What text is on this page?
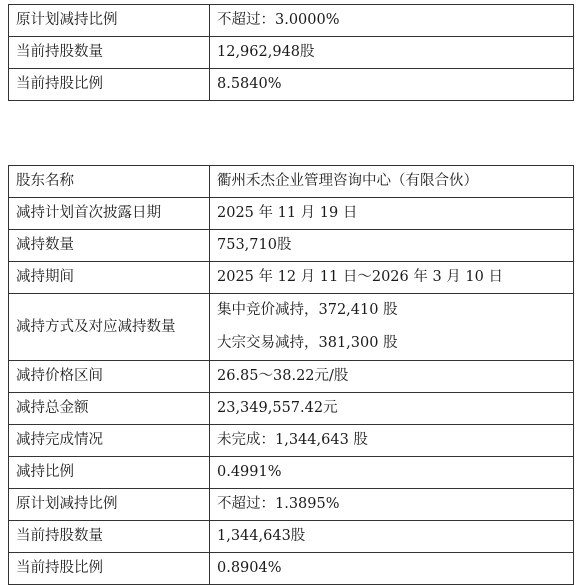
原计划减持比例	不超过：3.0000%
当前持股数量	12,962,948股
当前持股比例	8.5840%
股东名称	衢州禾杰企业管理咨询中心（有限合伙）
减持计划首次披露日期	2025 年 11 月 19 日
减持数量	753,710股
减持期间	2025 年 12 月 11 日～2026 年 3 月 10 日
减持方式及对应减持数量	集中竞价减持，372,410 股
大宗交易减持，381,300 股

减持价格区间	26.85～38.22元/股
减持总金额	23,349,557.42元
减持完成情况	未完成：1,344,643 股
减持比例	0.4991%
原计划减持比例	不超过：1.3895%
当前持股数量	1,344,643股
当前持股比例	0.8904%
